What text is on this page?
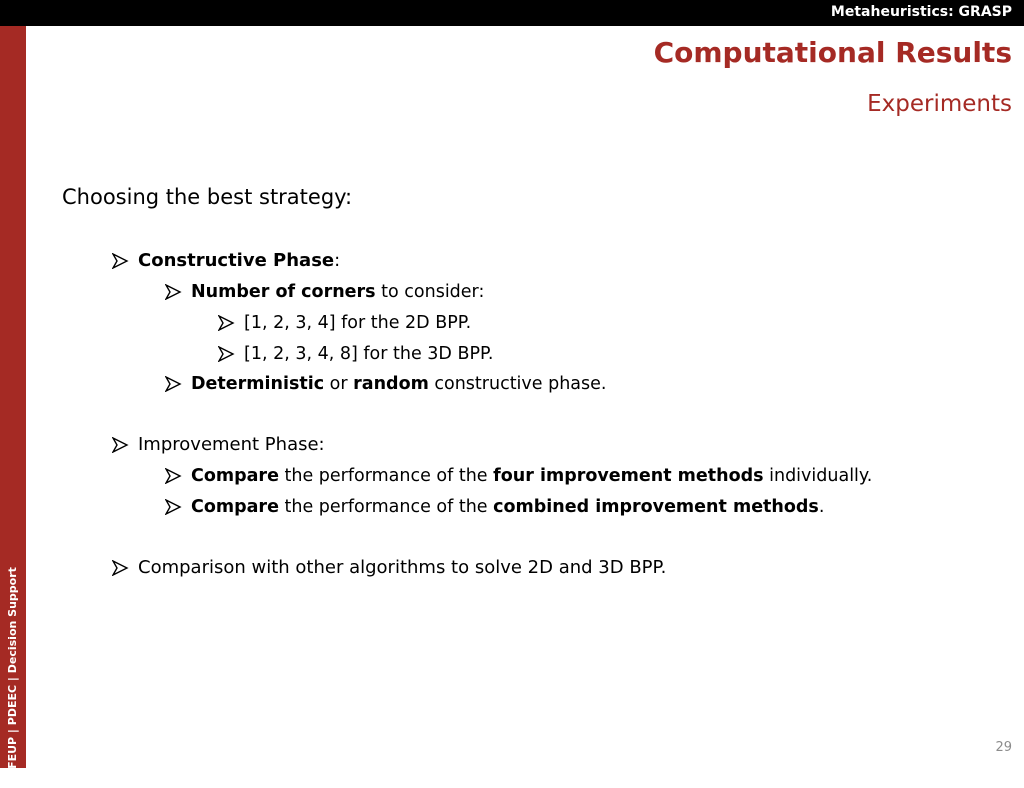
Metaheuristics: GRASP
FEUP | PDEEC | Decision Support
Computational Results
Experiments
Choosing the best strategy:
Constructive Phase:
Number of corners to consider:
[1, 2, 3, 4] for the 2D BPP.
[1, 2, 3, 4, 8] for the 3D BPP.
Deterministic or random constructive phase.
Improvement Phase:
Compare the performance of the four improvement methods individually.
Compare the performance of the combined improvement methods.
Comparison with other algorithms to solve 2D and 3D BPP.
29
